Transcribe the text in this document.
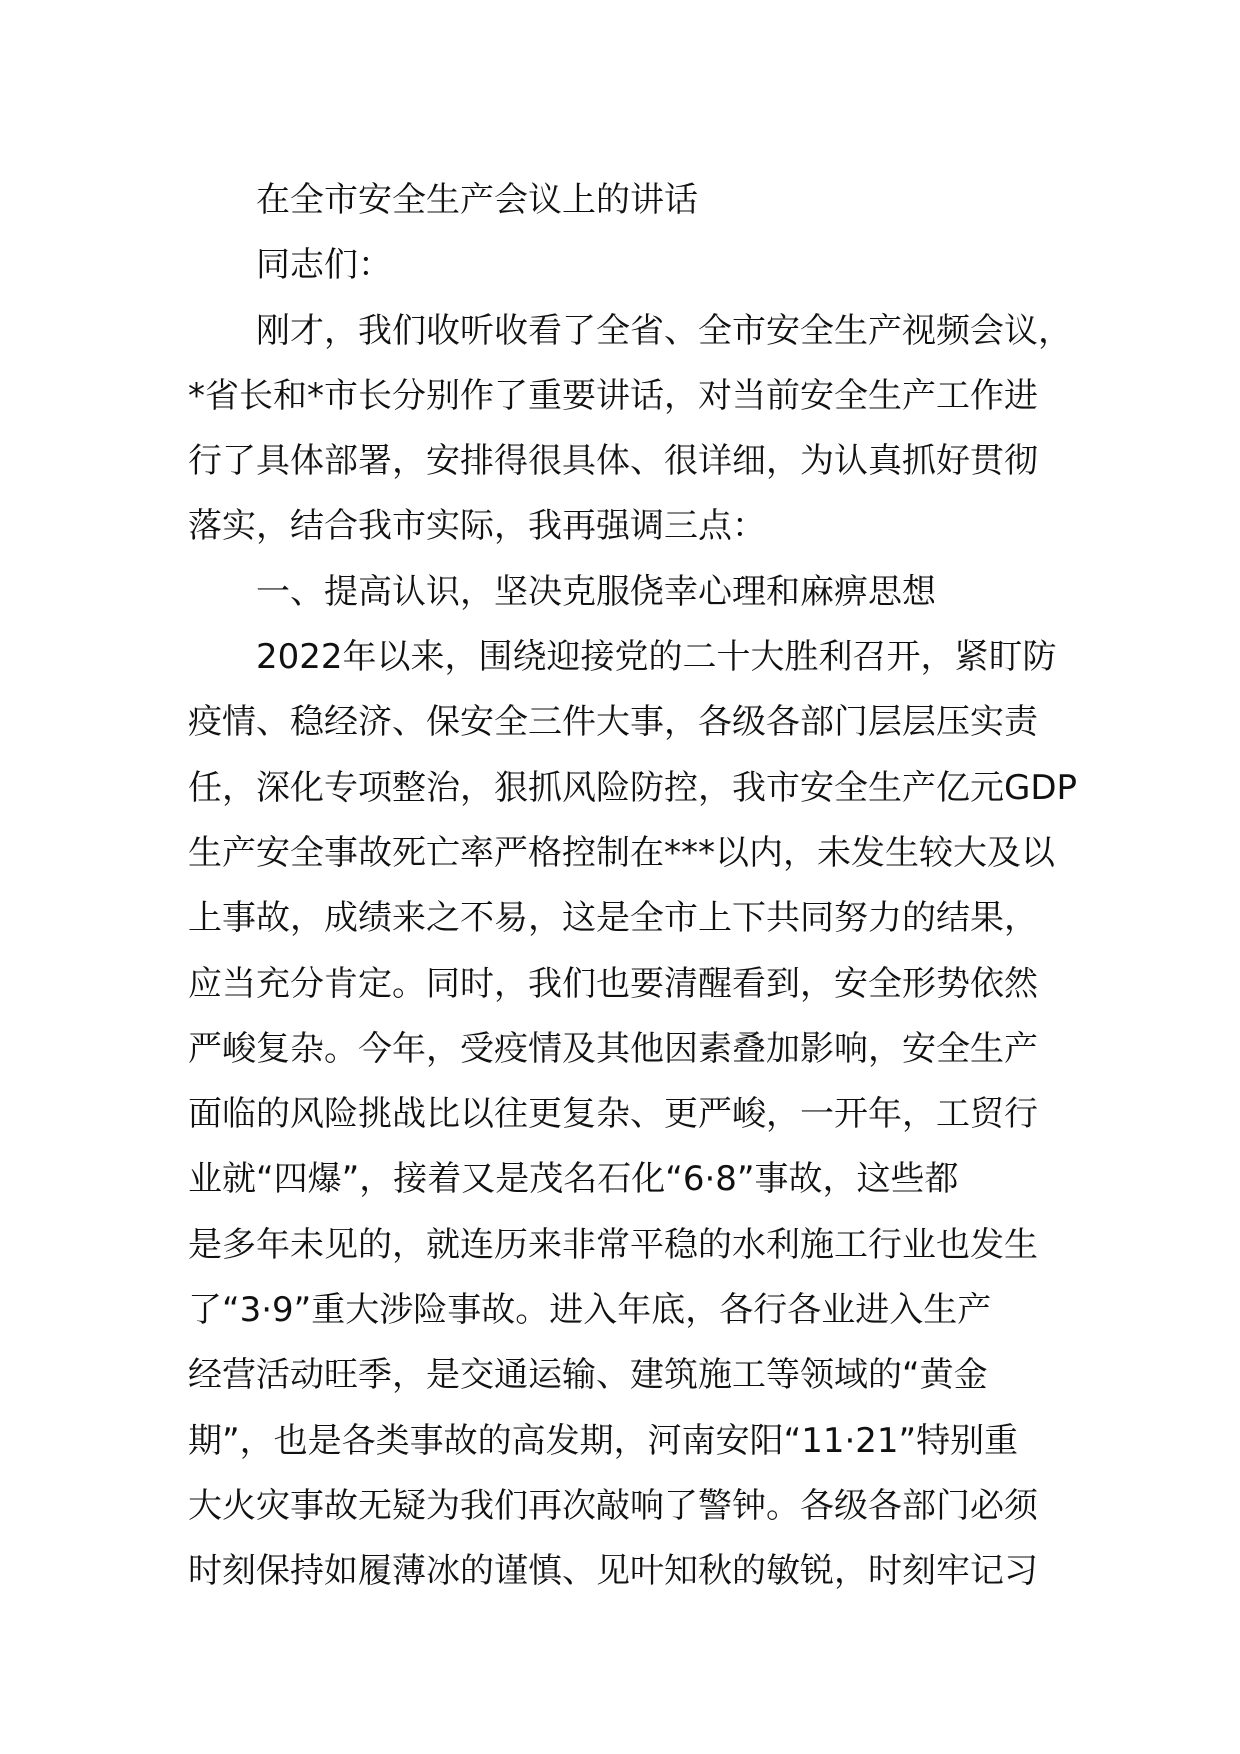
在全市安全生产会议上的讲话
同志们：
刚才，我们收听收看了全省、全市安全生产视频会议，
*省长和*市长分别作了重要讲话，对当前安全生产工作进
行了具体部署，安排得很具体、很详细，为认真抓好贯彻
落实，结合我市实际，我再强调三点：
一、提高认识，坚决克服侥幸心理和麻痹思想
2022年以来，围绕迎接党的二十大胜利召开，紧盯防
疫情、稳经济、保安全三件大事，各级各部门层层压实责
任，深化专项整治，狠抓风险防控，我市安全生产亿元GDP
生产安全事故死亡率严格控制在***以内，未发生较大及以
上事故，成绩来之不易，这是全市上下共同努力的结果，
应当充分肯定。同时，我们也要清醒看到，安全形势依然
严峻复杂。今年，受疫情及其他因素叠加影响，安全生产
面临的风险挑战比以往更复杂、更严峻，一开年，工贸行
业就“四爆”，接着又是茂名石化“6·8”事故，这些都
是多年未见的，就连历来非常平稳的水利施工行业也发生
了“3·9”重大涉险事故。进入年底，各行各业进入生产
经营活动旺季，是交通运输、建筑施工等领域的“黄金
期”，也是各类事故的高发期，河南安阳“11·21”特别重
大火灾事故无疑为我们再次敲响了警钟。各级各部门必须
时刻保持如履薄冰的谨慎、见叶知秋的敏锐，时刻牢记习
